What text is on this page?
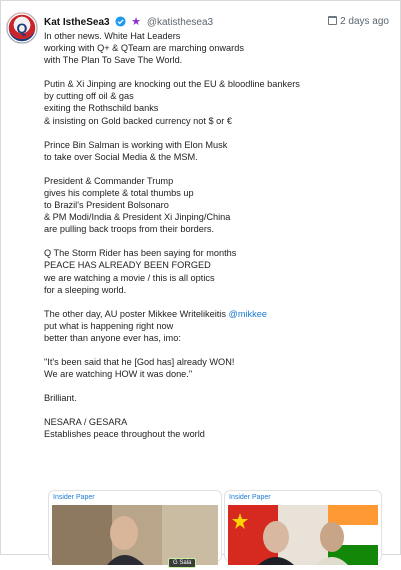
Q Kat IstheSea3 ★ @katisthesea3	2 days ago

In other news. White Hat Leaders
working with Q+ & QTeam are marching onwards
with The Plan To Save The World.

Putin & Xi Jinping are knocking out the EU & bloodline bankers
by cutting off oil & gas
exiting the Rothschild banks
& insisting on Gold backed currency not $ or €

Prince Bin Salman is working with Elon Musk
to take over Social Media & the MSM.

President & Commander Trump
gives his complete & total thumbs up
to Brazil's President Bolsonaro
& PM Modi/India & President Xi Jinping/China
are pulling back troops from their borders.

Q The Storm Rider has been saying for months
PEACE HAS ALREADY BEEN FORGED
we are watching a movie / this is all optics
for a sleeping world.

The other day, AU poster Mikkee Writelikeitis @mikkee
put what is happening right now
better than anyone ever has, imo:

"It's been said that he [God has] already WON!
We are watching HOW it was done."

Brilliant.

NESARA / GESARA
Establishes peace throughout the world

Insider Paper
G Sala
Insider Paper
